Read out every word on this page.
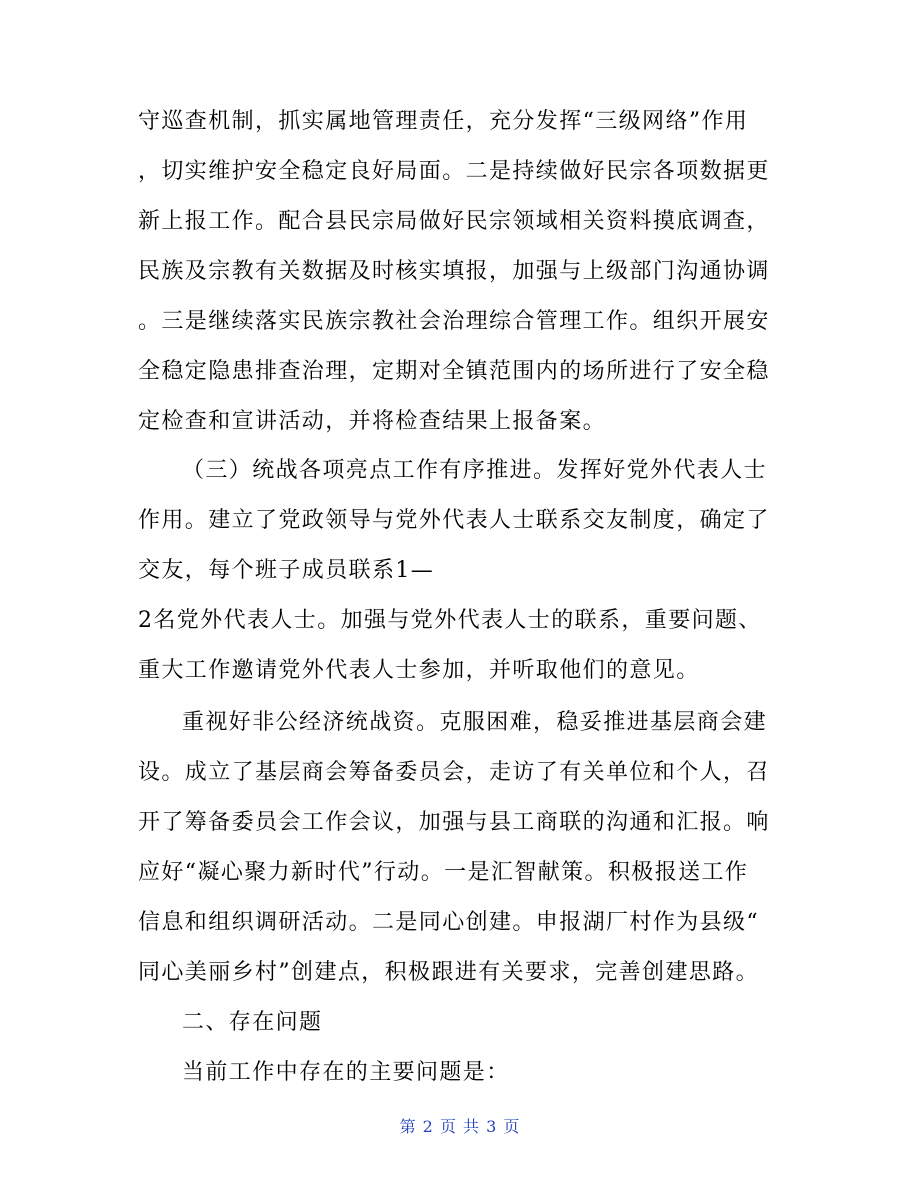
守巡查机制，抓实属地管理责任，充分发挥“三级网络”作用
，切实维护安全稳定良好局面。二是持续做好民宗各项数据更
新上报工作。配合县民宗局做好民宗领域相关资料摸底调查，
民族及宗教有关数据及时核实填报，加强与上级部门沟通协调
。三是继续落实民族宗教社会治理综合管理工作。组织开展安
全稳定隐患排查治理，定期对全镇范围内的场所进行了安全稳
定检查和宣讲活动，并将检查结果上报备案。
（三）统战各项亮点工作有序推进。发挥好党外代表人士
作用。建立了党政领导与党外代表人士联系交友制度，确定了
交友，每个班子成员联系1—
2名党外代表人士。加强与党外代表人士的联系，重要问题、
重大工作邀请党外代表人士参加，并听取他们的意见。
重视好非公经济统战资。克服困难，稳妥推进基层商会建
设。成立了基层商会筹备委员会，走访了有关单位和个人，召
开了筹备委员会工作会议，加强与县工商联的沟通和汇报。响
应好“凝心聚力新时代”行动。一是汇智献策。积极报送工作
信息和组织调研活动。二是同心创建。申报湖厂村作为县级“
同心美丽乡村”创建点，积极跟进有关要求，完善创建思路。
二、存在问题
当前工作中存在的主要问题是：
第 2 页 共 3 页
